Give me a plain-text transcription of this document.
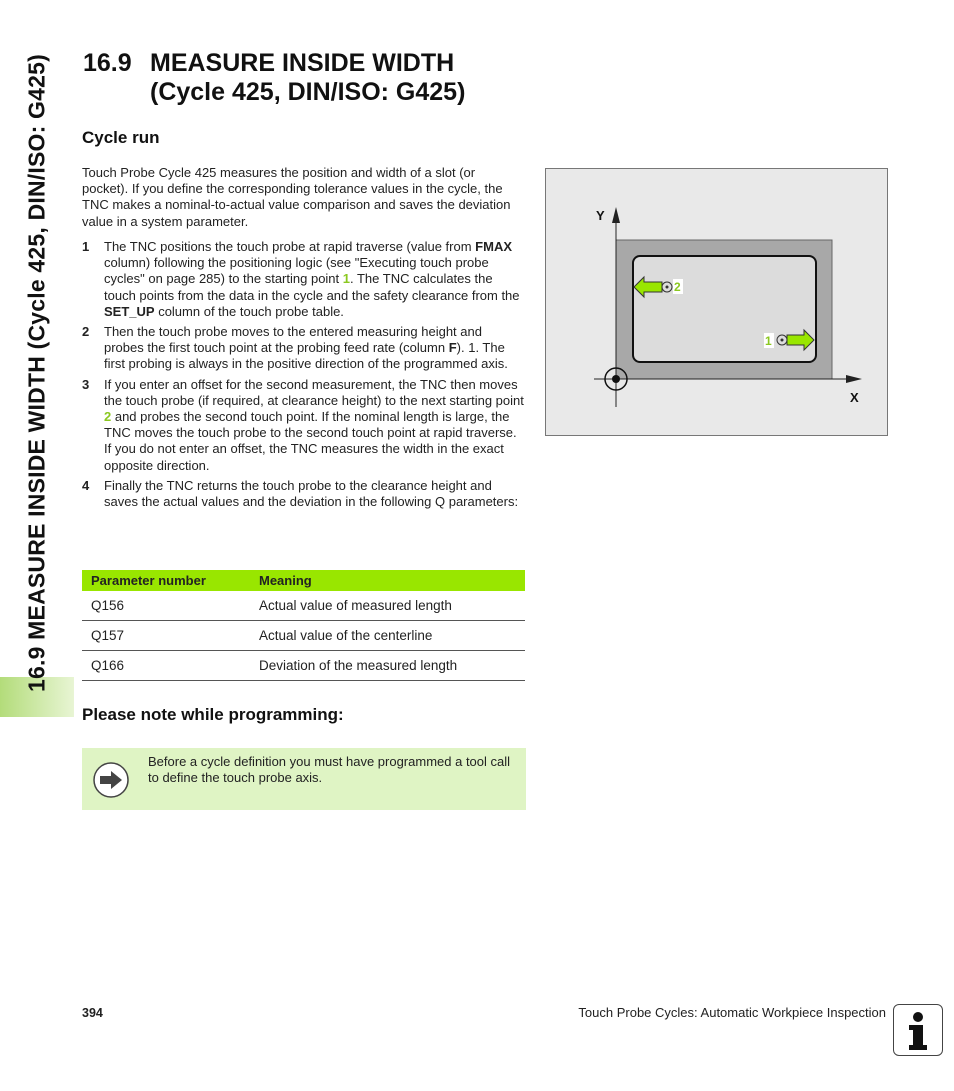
16.9 MEASURE INSIDE WIDTH (Cycle 425, DIN/ISO: G425) 16.9 MEASURE INSIDE WIDTH
(Cycle 425, DIN/ISO: G425)
Cycle run

Touch Probe Cycle 425 measures the position and width of a slot (or pocket). If you define the corresponding tolerance values in the cycle, the TNC makes a nominal-to-actual value comparison and saves the deviation value in a system parameter.

1	The TNC positions the touch probe at rapid traverse (value from FMAX column) following the positioning logic (see "Executing touch probe cycles" on page 285) to the starting point 1. The TNC calculates the touch points from the data in the cycle and the safety clearance from the SET_UP column of the touch probe table.
2	Then the touch probe moves to the entered measuring height and probes the first touch point at the probing feed rate (column F). 1. The first probing is always in the positive direction of the programmed axis.
3	If you enter an offset for the second measurement, the TNC then moves the touch probe (if required, at clearance height) to the next starting point 2 and probes the second touch point. If the nominal length is large, the TNC moves the touch probe to the second touch point at rapid traverse. If you do not enter an offset, the TNC measures the width in the exact opposite direction.
4	Finally the TNC returns the touch probe to the clearance height and saves the actual values and the deviation in the following Q parameters:
Parameter number	Meaning
Q156	Actual value of measured length
Q157	Actual value of the centerline
Q166	Deviation of the measured length
Please note while programming:
Before a cycle definition you must have programmed a tool call to define the touch probe axis.
Y
X
2
1
394	Touch Probe Cycles: Automatic Workpiece Inspection
